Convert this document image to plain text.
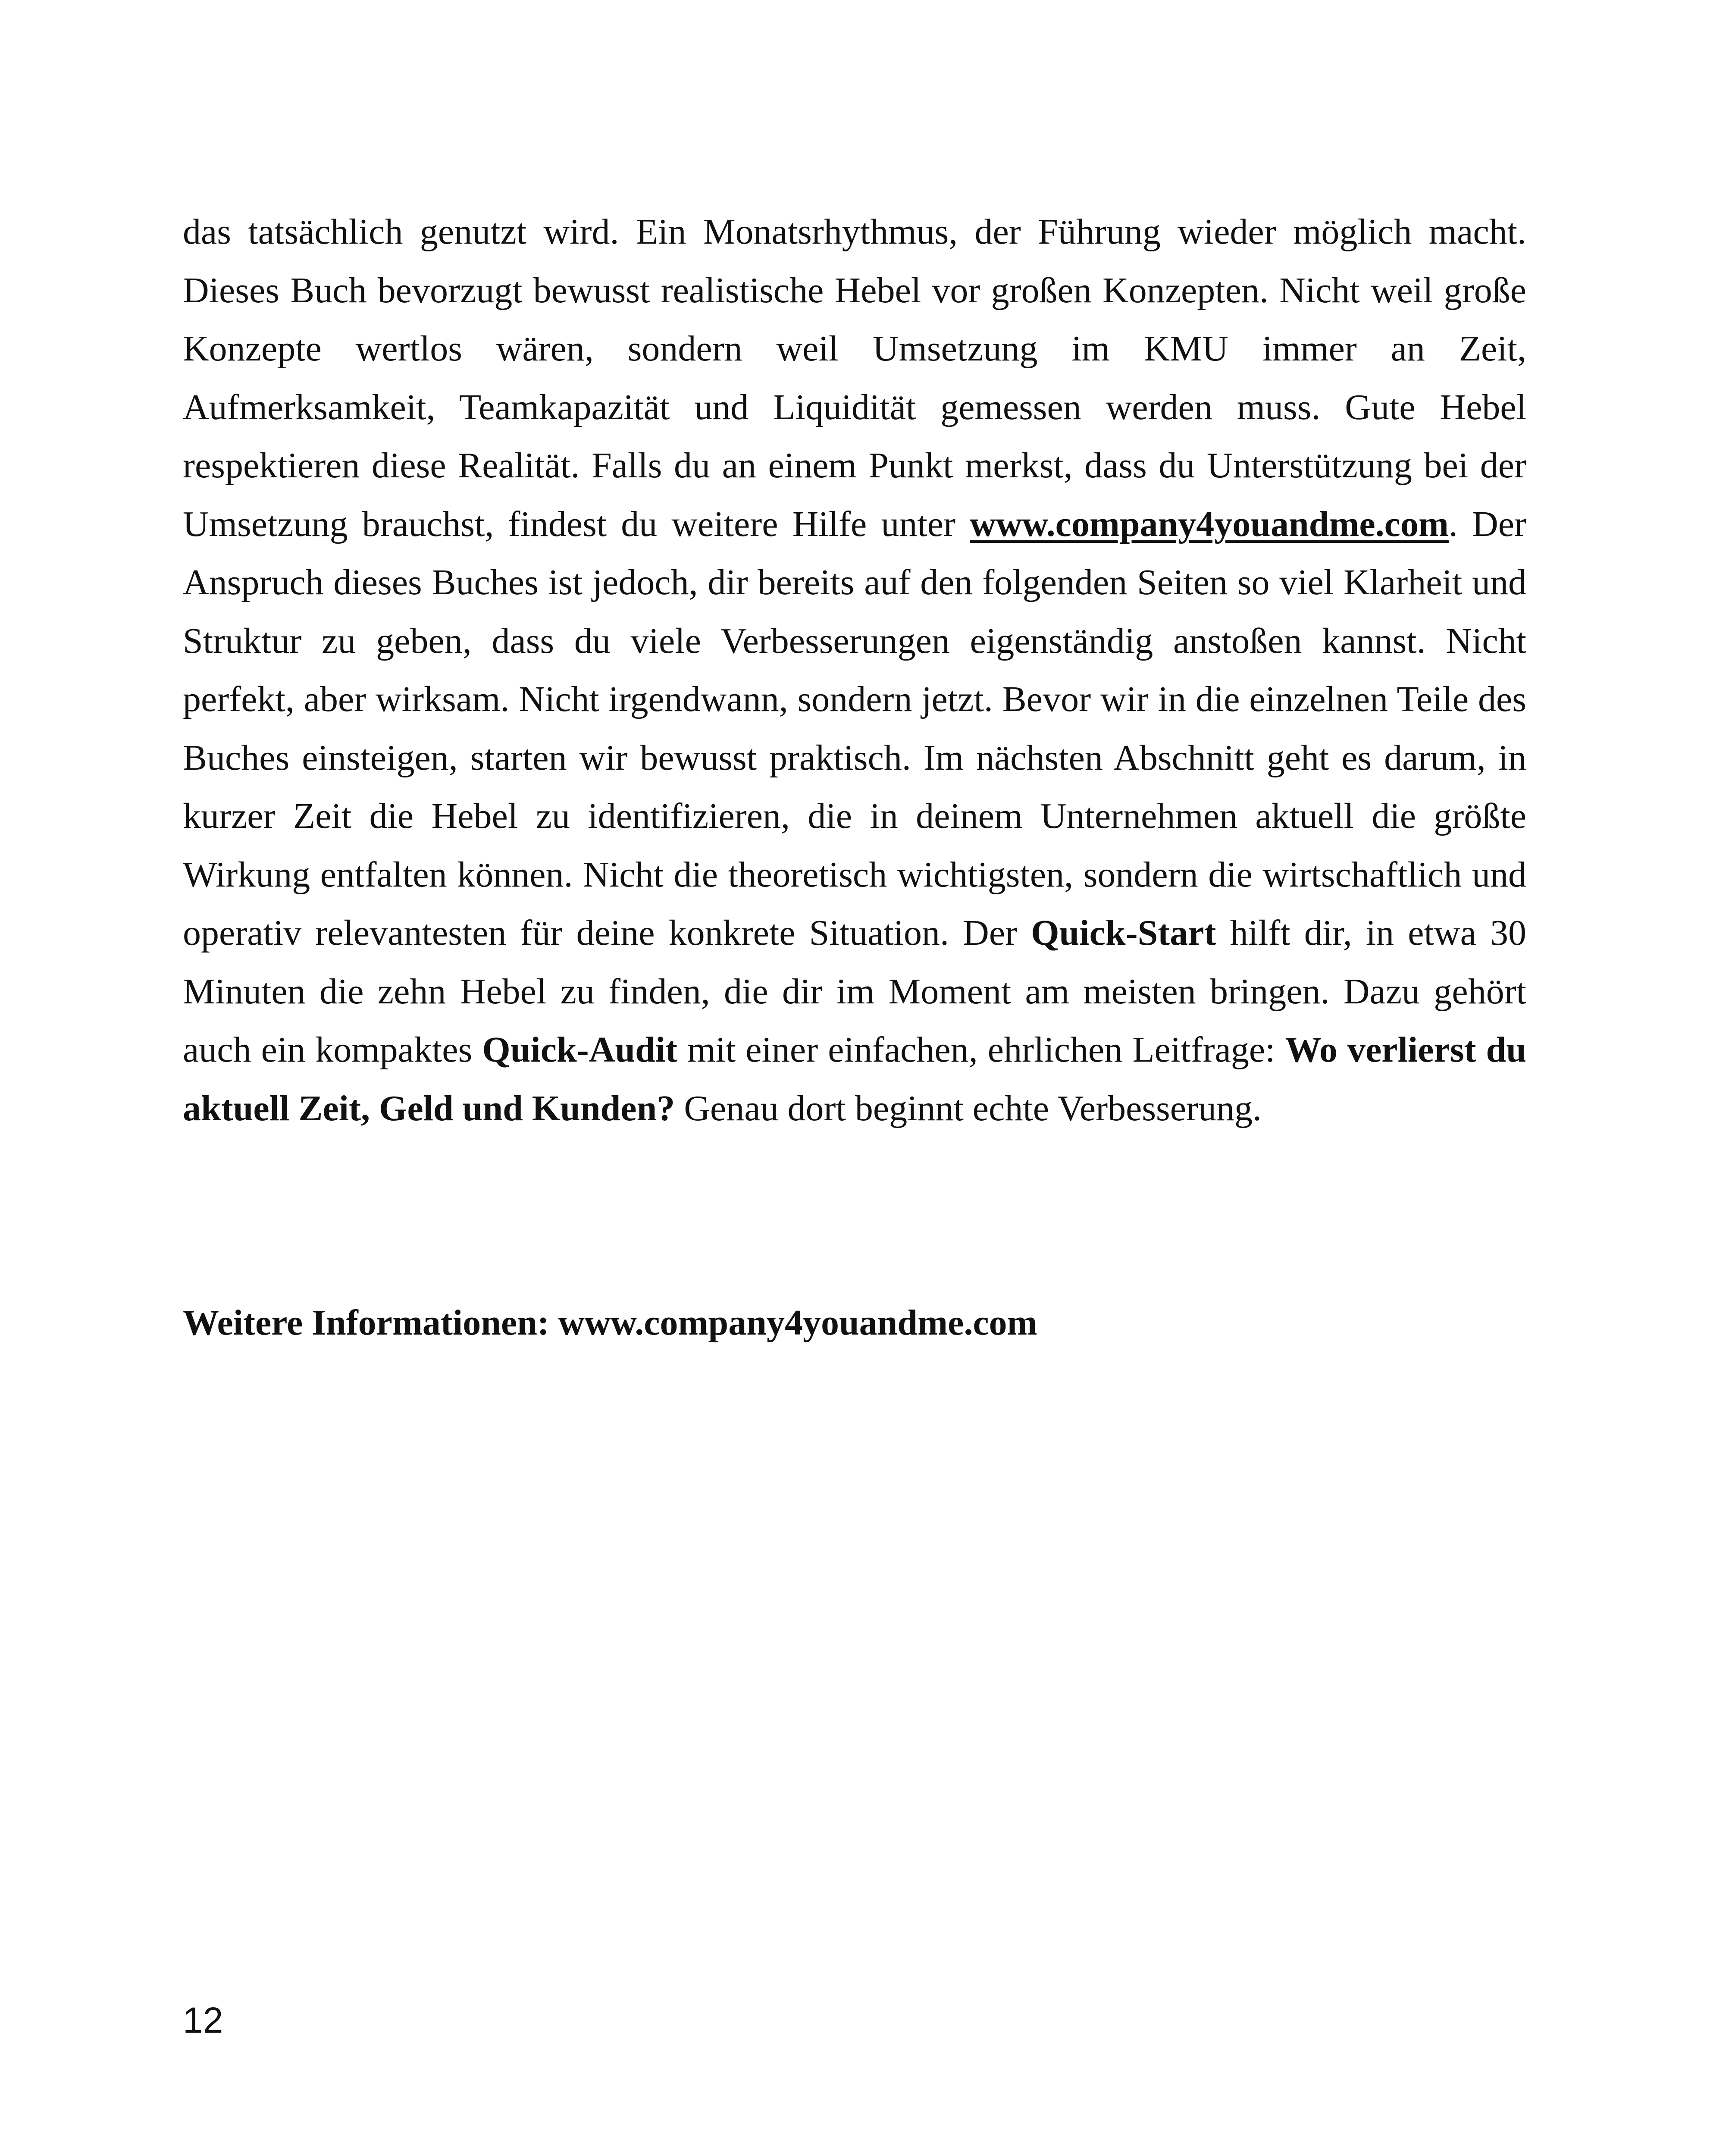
das tatsächlich genutzt wird. Ein Monatsrhythmus, der Führung wieder möglich macht. Dieses Buch bevorzugt bewusst realistische Hebel vor großen Konzepten. Nicht weil große Konzepte wertlos wären, sondern weil Umsetzung im KMU immer an Zeit, Aufmerksamkeit, Teamkapazität und Liquidität gemessen werden muss. Gute Hebel respektieren diese Realität. Falls du an einem Punkt merkst, dass du Unterstützung bei der Umsetzung brauchst, findest du weitere Hilfe unter www.company4youandme.com. Der Anspruch dieses Buches ist jedoch, dir bereits auf den folgenden Seiten so viel Klarheit und Struktur zu geben, dass du viele Verbesserungen eigenständig anstoßen kannst. Nicht perfekt, aber wirksam. Nicht irgendwann, sondern jetzt. Bevor wir in die einzelnen Teile des Buches einsteigen, starten wir bewusst praktisch. Im nächsten Abschnitt geht es darum, in kurzer Zeit die Hebel zu identifizieren, die in deinem Unternehmen aktuell die größte Wirkung entfalten können. Nicht die theoretisch wichtigsten, sondern die wirtschaftlich und operativ relevantesten für deine konkrete Situation. Der Quick-Start hilft dir, in etwa 30 Minuten die zehn Hebel zu finden, die dir im Moment am meisten bringen. Dazu gehört auch ein kompaktes Quick-Audit mit einer einfachen, ehrlichen Leitfrage: Wo verlierst du aktuell Zeit, Geld und Kunden? Genau dort beginnt echte Verbesserung.

Weitere Informationen: www.company4youandme.com

12
